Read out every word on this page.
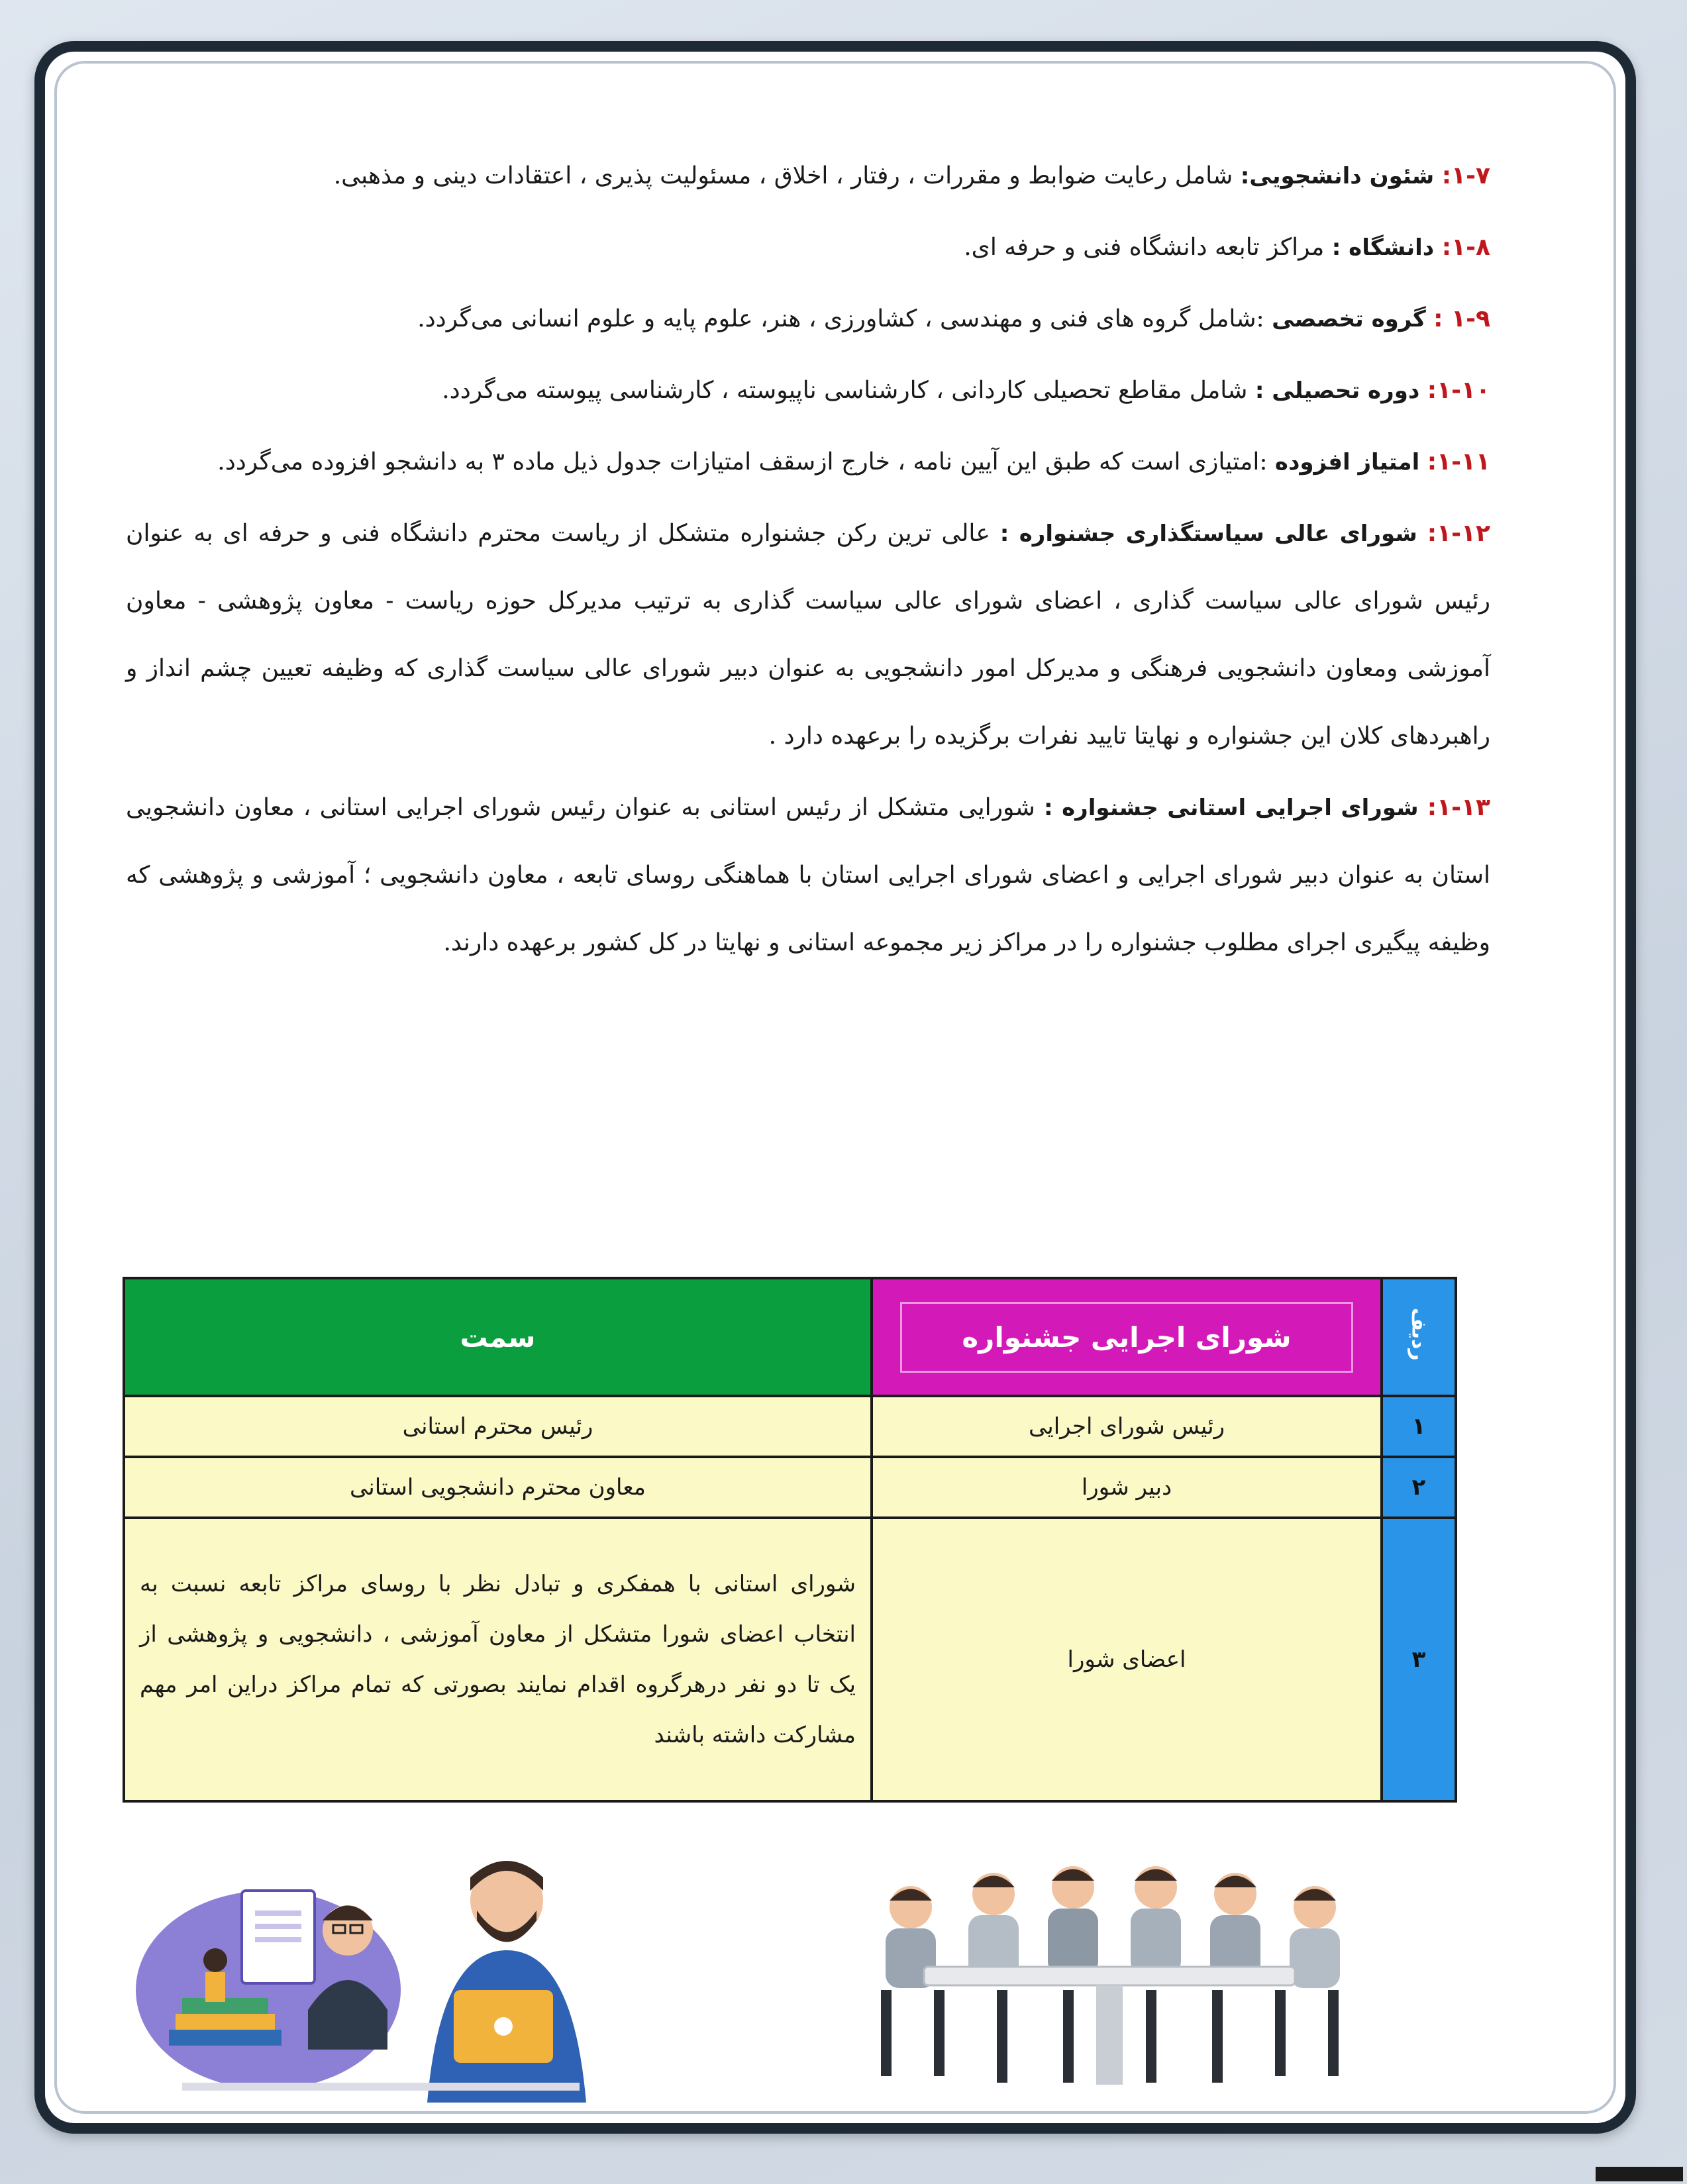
۱-۷: شئون دانشجویی: شامل رعایت ضوابط و مقررات ، رفتار ، اخلاق ، مسئولیت پذیری ، اعتقادات دینی و مذهبی.

۱-۸: دانشگاه : مراکز تابعه دانشگاه فنی و حرفه ای.

۱-۹ : گروه تخصصی :شامل گروه های فنی و مهندسی ، کشاورزی ، هنر، علوم پایه و علوم انسانی می‌گردد.

۱-۱۰: دوره تحصیلی : شامل مقاطع تحصیلی کاردانی ، کارشناسی ناپیوسته ، کارشناسی پیوسته می‌گردد.

۱-۱۱: امتیاز افزوده :امتیازی است که طبق این آیین نامه ، خارج ازسقف امتیازات جدول ذیل ماده ۳ به دانشجو افزوده می‌گردد.

۱-۱۲: شورای عالی سیاستگذاری جشنواره : عالی ترین رکن جشنواره متشکل از ریاست محترم دانشگاه فنی و حرفه ای به عنوان رئیس شورای عالی سیاست گذاری ، اعضای شورای عالی سیاست گذاری به ترتیب مدیرکل حوزه ریاست - معاون پژوهشی - معاون آموزشی ومعاون دانشجویی فرهنگی و مدیرکل امور دانشجویی به عنوان دبیر شورای عالی سیاست گذاری که وظیفه تعیین چشم انداز و راهبردهای کلان این جشنواره و نهایتا تایید نفرات برگزیده را برعهده دارد .

۱-۱۳: شورای اجرایی استانی جشنواره : شورایی متشکل از رئیس استانی به عنوان رئیس شورای اجرایی استانی ، معاون دانشجویی استان به عنوان دبیر شورای اجرایی و اعضای شورای اجرایی استان با هماهنگی روسای تابعه ، معاون دانشجویی ؛ آموزشی و پژوهشی که وظیفه پیگیری اجرای مطلوب جشنواره را در مراکز زیر مجموعه استانی و نهایتا در کل کشور برعهده دارند.

ردیف	شورای اجرایی جشنواره	سمت
۱	رئیس شورای اجرایی	رئیس محترم استانی
۲	دبیر شورا	معاون محترم دانشجویی استانی
۳	اعضای شورا	شورای استانی با همفکری و تبادل نظر با روسای مراکز تابعه نسبت به انتخاب اعضای شورا متشکل از معاون آموزشی ، دانشجویی و پژوهشی از یک تا دو نفر درهرگروه اقدام نمایند بصورتی که تمام مراکز دراین امر مهم مشارکت داشته باشند
